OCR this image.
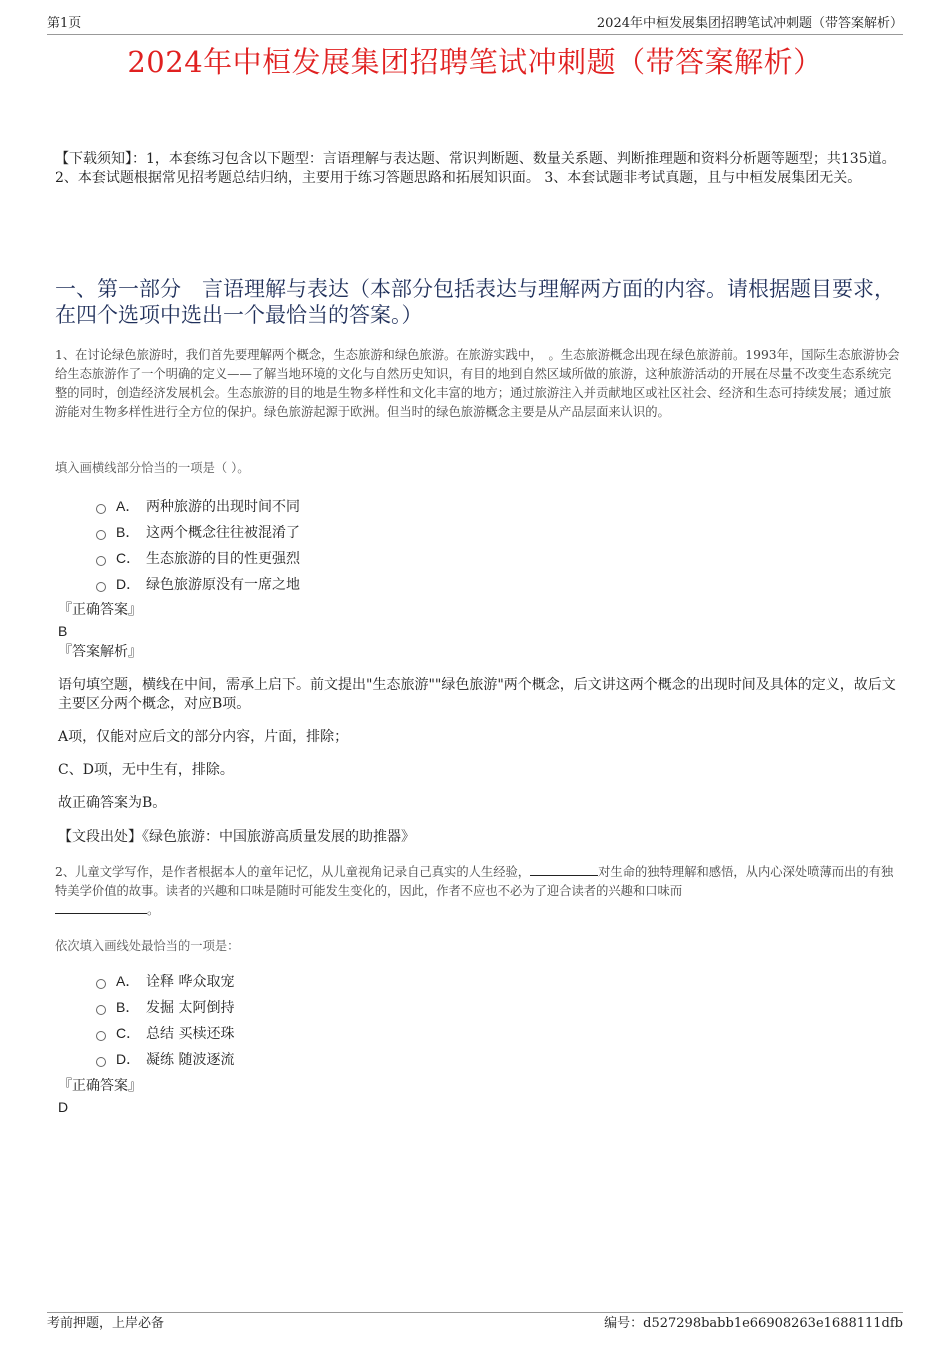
第1页	2024年中桓发展集团招聘笔试冲刺题（带答案解析）
2024年中桓发展集团招聘笔试冲刺题（带答案解析）
【下载须知】：1，本套练习包含以下题型：言语理解与表达题、常识判断题、数量关系题、判断推理题和资料分析题等题型；共135道。 2、本套试题根据常见招考题总结归纳，主要用于练习答题思路和拓展知识面。 3、本套试题非考试真题，且与中桓发展集团无关。
一、第一部分　言语理解与表达（本部分包括表达与理解两方面的内容。请根据题目要求，在四个选项中选出一个最恰当的答案。）
1、在讨论绿色旅游时，我们首先要理解两个概念，生态旅游和绿色旅游。在旅游实践中，　。生态旅游概念出现在绿色旅游前。1993年，国际生态旅游协会给生态旅游作了一个明确的定义——了解当地环境的文化与自然历史知识，有目的地到自然区域所做的旅游，这种旅游活动的开展在尽量不改变生态系统完整的同时，创造经济发展机会。生态旅游的目的地是生物多样性和文化丰富的地方；通过旅游注入并贡献地区或社区社会、经济和生态可持续发展；通过旅游能对生物多样性进行全方位的保护。绿色旅游起源于欧洲。但当时的绿色旅游概念主要是从产品层面来认识的。
填入画横线部分恰当的一项是（ ）。
A． 两种旅游的出现时间不同
B． 这两个概念往往被混淆了
C． 生态旅游的目的性更强烈
D． 绿色旅游原没有一席之地
『正确答案』
B
『答案解析』
语句填空题，横线在中间，需承上启下。前文提出"生态旅游""绿色旅游"两个概念，后文讲这两个概念的出现时间及具体的定义，故后文主要区分两个概念，对应B项。
A项，仅能对应后文的部分内容，片面，排除；
C、D项，无中生有，排除。
故正确答案为B。
【文段出处】《绿色旅游：中国旅游高质量发展的助推器》
2、儿童文学写作，是作者根据本人的童年记忆，从儿童视角记录自己真实的人生经验，	对生命的独特理解和感悟，从内心深处喷薄而出的有独特美学价值的故事。读者的兴趣和口味是随时可能发生变化的，因此，作者不应也不必为了迎合读者的兴趣和口味而
。
依次填入画线处最恰当的一项是：
A． 诠释 哗众取宠
B． 发掘 太阿倒持
C． 总结 买椟还珠
D． 凝练 随波逐流
『正确答案』
D
考前押题，上岸必备	编号：d527298babb1e66908263e1688111dfb
